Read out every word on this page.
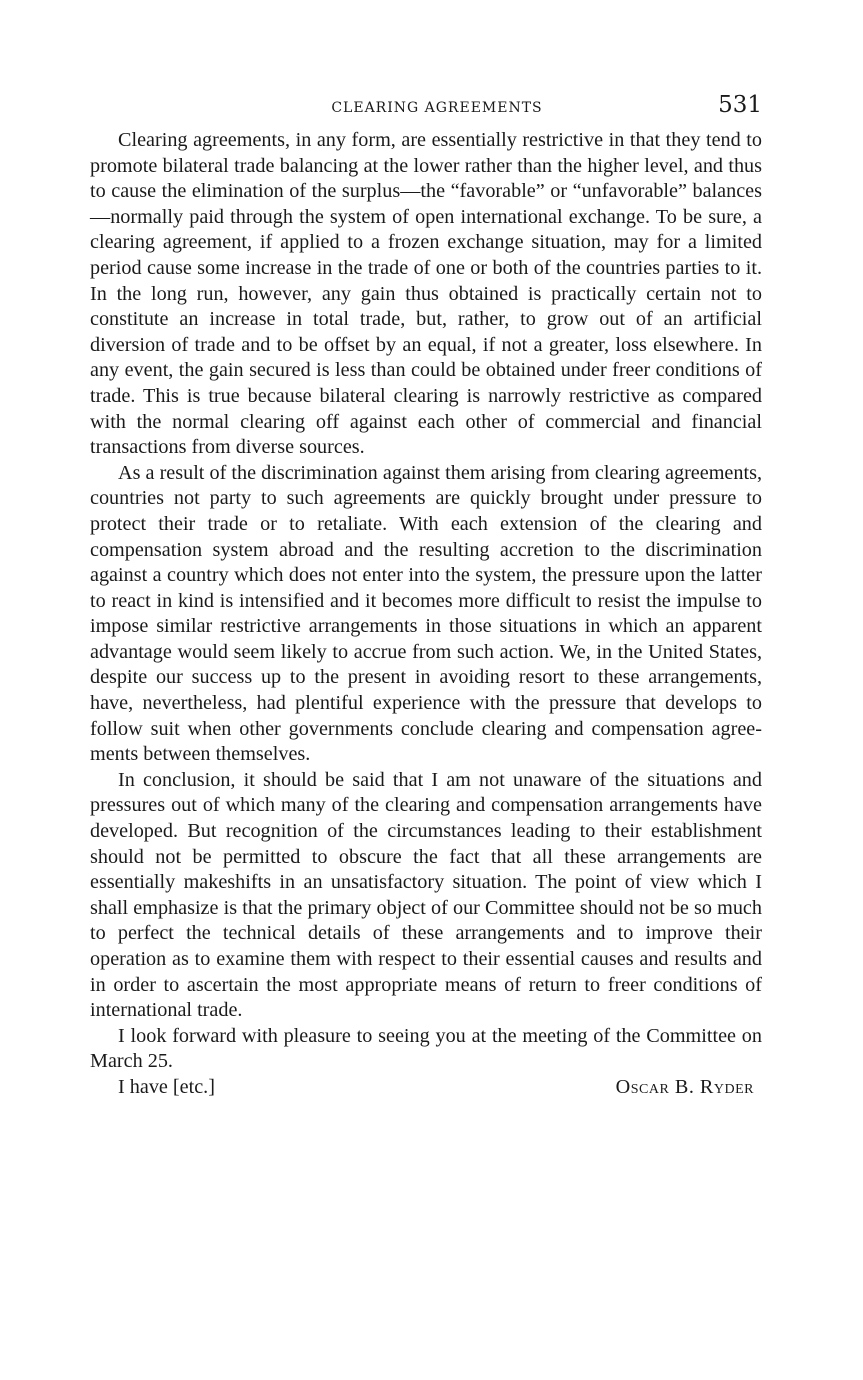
CLEARING AGREEMENTS	531

Clearing agreements, in any form, are essentially restrictive in that they tend to promote bilateral trade balancing at the lower rather than the higher level, and thus to cause the elimination of the surplus—the “favorable” or “unfavorable” balances—normally paid through the system of open international exchange. To be sure, a clearing agreement, if applied to a frozen exchange situation, may for a limited period cause some increase in the trade of one or both of the countries parties to it. In the long run, however, any gain thus obtained is practically certain not to constitute an increase in total trade, but, rather, to grow out of an artificial diversion of trade and to be offset by an equal, if not a greater, loss elsewhere. In any event, the gain secured is less than could be obtained under freer conditions of trade. This is true because bilateral clearing is narrowly restrictive as compared with the normal clearing off against each other of commercial and financial transactions from diverse sources.

As a result of the discrimination against them arising from clearing agreements, countries not party to such agreements are quickly brought under pressure to protect their trade or to retaliate. With each extension of the clearing and compensation system abroad and the resulting accretion to the discrimination against a country which does not enter into the system, the pressure upon the latter to react in kind is intensified and it becomes more difficult to resist the impulse to impose similar restrictive arrangements in those situations in which an apparent advantage would seem likely to accrue from such action. We, in the United States, despite our success up to the present in avoiding resort to these arrangements, have, nevertheless, had plentiful experience with the pressure that develops to follow suit when other governments conclude clearing and compensation agreements between themselves.

In conclusion, it should be said that I am not unaware of the situations and pressures out of which many of the clearing and compensation arrangements have developed. But recognition of the circumstances leading to their establishment should not be permitted to obscure the fact that all these arrangements are essentially makeshifts in an unsatisfactory situation. The point of view which I shall emphasize is that the primary object of our Committee should not be so much to perfect the technical details of these arrangements and to improve their operation as to examine them with respect to their essential causes and results and in order to ascertain the most appropriate means of return to freer conditions of international trade.

I look forward with pleasure to seeing you at the meeting of the Committee on March 25.

I have [etc.]	Oscar B. Ryder
